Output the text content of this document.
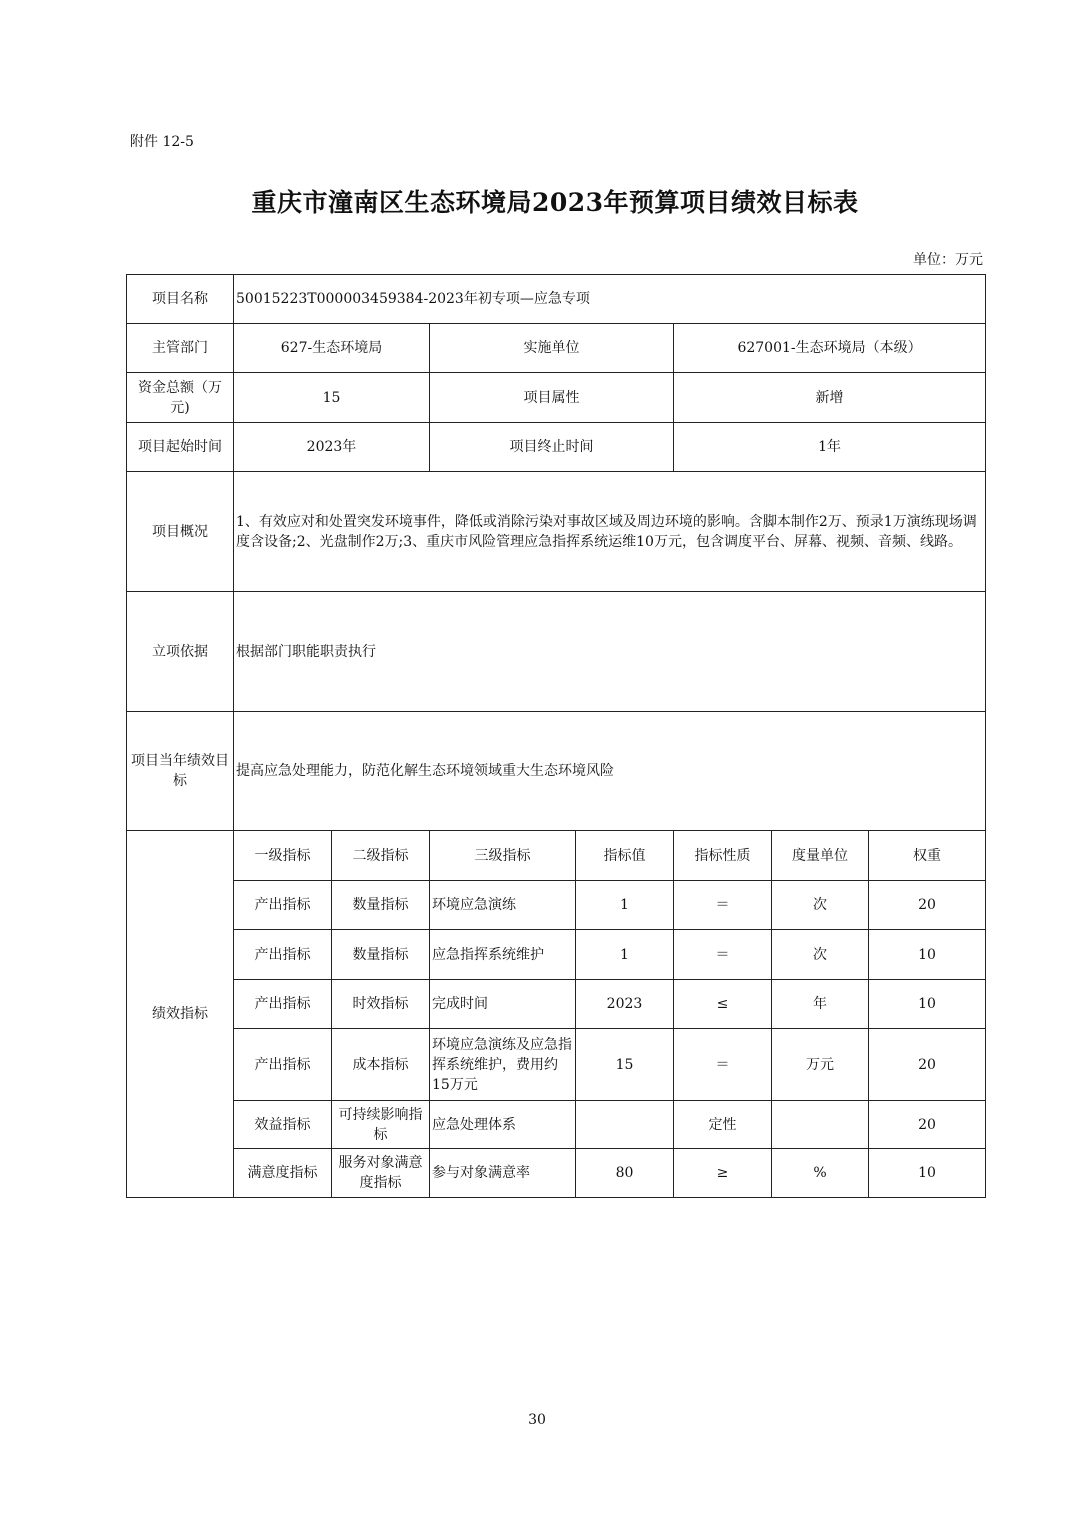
附件 12-5
重庆市潼南区生态环境局2023年预算项目绩效目标表
单位：万元
项目名称	50015223T000003459384-2023年初专项—应急专项						
主管部门	627-生态环境局		实施单位		627001-生态环境局（本级）		
资金总额（万元)	15		项目属性		新增		
项目起始时间	2023年		项目终止时间		1年		
项目概况	1、有效应对和处置突发环境事件，降低或消除污染对事故区域及周边环境的影响。含脚本制作2万、预录1万演练现场调度含设备;2、光盘制作2万;3、重庆市风险管理应急指挥系统运维10万元，包含调度平台、屏幕、视频、音频、线路。						
立项依据	根据部门职能职责执行						
项目当年绩效目标	提高应急处理能力，防范化解生态环境领域重大生态环境风险						
绩效指标	一级指标	二级指标	三级指标	指标值	指标性质	度量单位	权重
	产出指标	数量指标	环境应急演练	1	＝	次	20
	产出指标	数量指标	应急指挥系统维护	1	＝	次	10
	产出指标	时效指标	完成时间	2023	≤	年	10
	产出指标	成本指标	环境应急演练及应急指挥系统维护，费用约15万元	15	＝	万元	20
	效益指标	可持续影响指标	应急处理体系		定性		20
	满意度指标	服务对象满意度指标	参与对象满意率	80	≥	%	10
30
